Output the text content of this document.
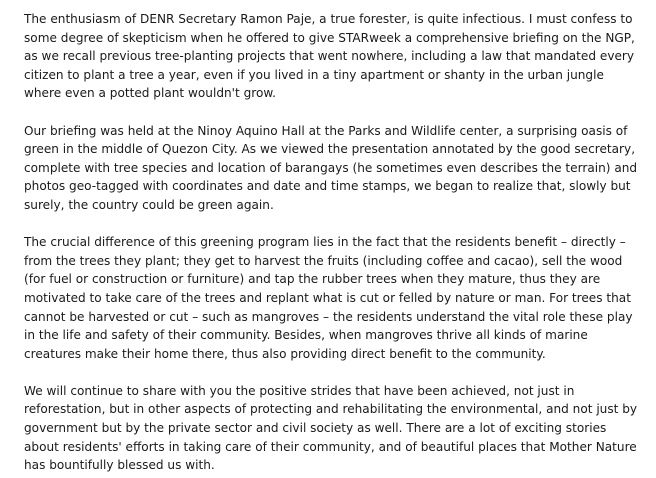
The enthusiasm of DENR Secretary Ramon Paje, a true forester, is quite infectious. I must confess to some degree of skepticism when he offered to give STARweek a comprehensive briefing on the NGP, as we recall previous tree-planting projects that went nowhere, including a law that mandated every citizen to plant a tree a year, even if you lived in a tiny apartment or shanty in the urban jungle where even a potted plant wouldn't grow.

Our briefing was held at the Ninoy Aquino Hall at the Parks and Wildlife center, a surprising oasis of green in the middle of Quezon City. As we viewed the presentation annotated by the good secretary, complete with tree species and location of barangays (he sometimes even describes the terrain) and photos geo-tagged with coordinates and date and time stamps, we began to realize that, slowly but surely, the country could be green again.

The crucial difference of this greening program lies in the fact that the residents benefit – directly – from the trees they plant; they get to harvest the fruits (including coffee and cacao), sell the wood (for fuel or construction or furniture) and tap the rubber trees when they mature, thus they are motivated to take care of the trees and replant what is cut or felled by nature or man. For trees that cannot be harvested or cut – such as mangroves – the residents understand the vital role these play in the life and safety of their community. Besides, when mangroves thrive all kinds of marine creatures make their home there, thus also providing direct benefit to the community.

We will continue to share with you the positive strides that have been achieved, not just in reforestation, but in other aspects of protecting and rehabilitating the environmental, and not just by government but by the private sector and civil society as well. There are a lot of exciting stories about residents' efforts in taking care of their community, and of beautiful places that Mother Nature has bountifully blessed us with.
